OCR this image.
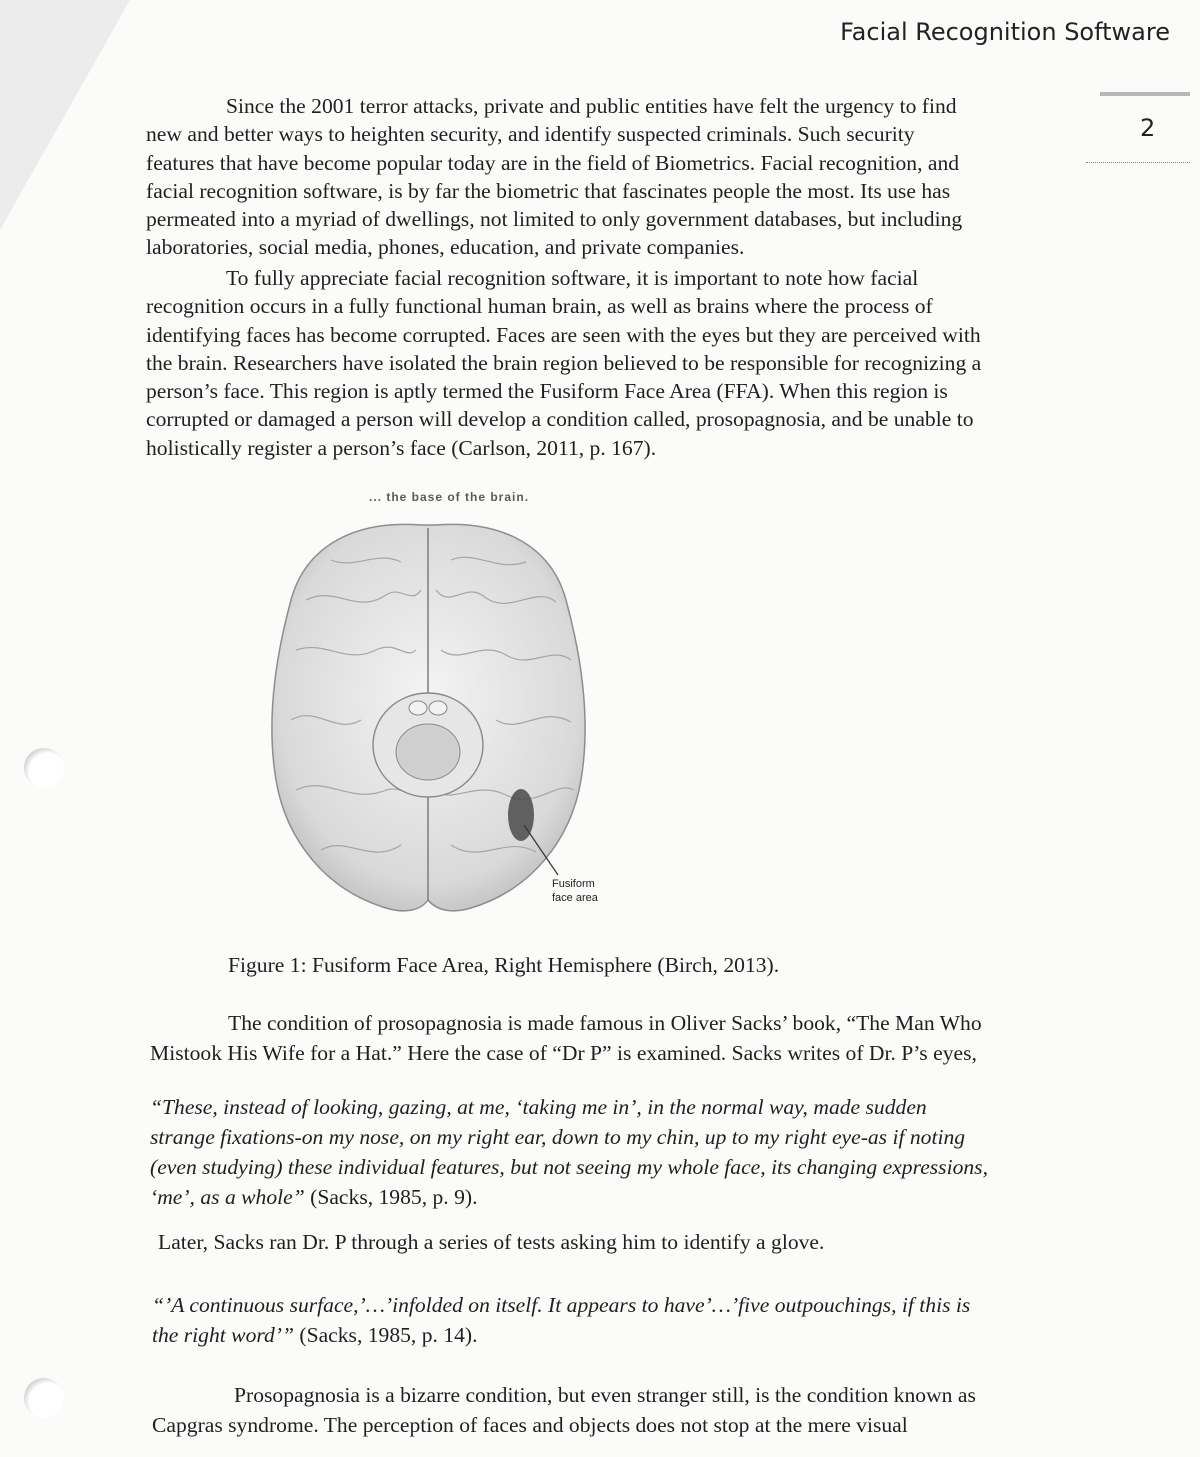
Facial Recognition Software
2
Since the 2001 terror attacks, private and public entities have felt the urgency to find
new and better ways to heighten security, and identify suspected criminals. Such security
features that have become popular today are in the field of Biometrics. Facial recognition, and
facial recognition software, is by far the biometric that fascinates people the most. Its use has
permeated into a myriad of dwellings, not limited to only government databases, but including
laboratories, social media, phones, education, and private companies.
To fully appreciate facial recognition software, it is important to note how facial
recognition occurs in a fully functional human brain, as well as brains where the process of
identifying faces has become corrupted. Faces are seen with the eyes but they are perceived with
the brain. Researchers have isolated the brain region believed to be responsible for recognizing a
person’s face. This region is aptly termed the Fusiform Face Area (FFA). When this region is
corrupted or damaged a person will develop a condition called, prosopagnosia, and be unable to
holistically register a person’s face (Carlson, 2011, p. 167).
... the base of the brain.
Fusiform
face area
Figure 1: Fusiform Face Area, Right Hemisphere (Birch, 2013).
The condition of prosopagnosia is made famous in Oliver Sacks’ book, “The Man Who
Mistook His Wife for a Hat.” Here the case of “Dr P” is examined. Sacks writes of Dr. P’s eyes,
“These, instead of looking, gazing, at me, ‘taking me in’, in the normal way, made sudden
strange fixations-on my nose, on my right ear, down to my chin, up to my right eye-as if noting
(even studying) these individual features, but not seeing my whole face, its changing expressions,
‘me’, as a whole” (Sacks, 1985, p. 9).
Later, Sacks ran Dr. P through a series of tests asking him to identify a glove.
“’A continuous surface,’…’infolded on itself. It appears to have’…’five outpouchings, if this is
the right word’” (Sacks, 1985, p. 14).
Prosopagnosia is a bizarre condition, but even stranger still, is the condition known as
Capgras syndrome. The perception of faces and objects does not stop at the mere visual
